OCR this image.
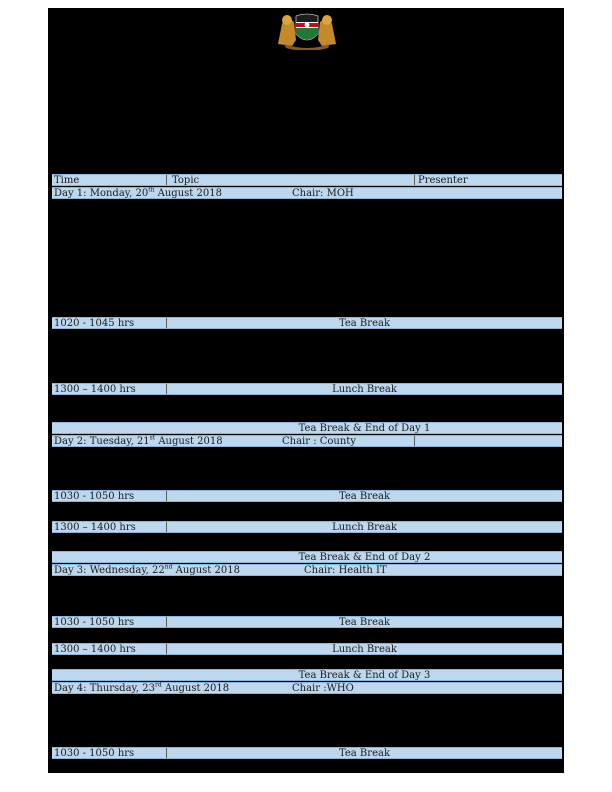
Time	Topic	Presenter
Day 1: Monday, 20th August 2018	Chair: MOH
1020 - 1045 hrs	Tea Break
1300 – 1400 hrs	Lunch Break
Tea Break & End of Day 1
Day 2: Tuesday, 21st August 2018	Chair : County
1030 - 1050 hrs	Tea Break
1300 – 1400 hrs	Lunch Break
Tea Break & End of Day 2
Day 3: Wednesday, 22nd August 2018	Chair: Health IT
1030 - 1050 hrs	Tea Break
1300 – 1400 hrs	Lunch Break
Tea Break & End of Day 3
Day 4: Thursday, 23rd August 2018	Chair :WHO
1030 - 1050 hrs	Tea Break
